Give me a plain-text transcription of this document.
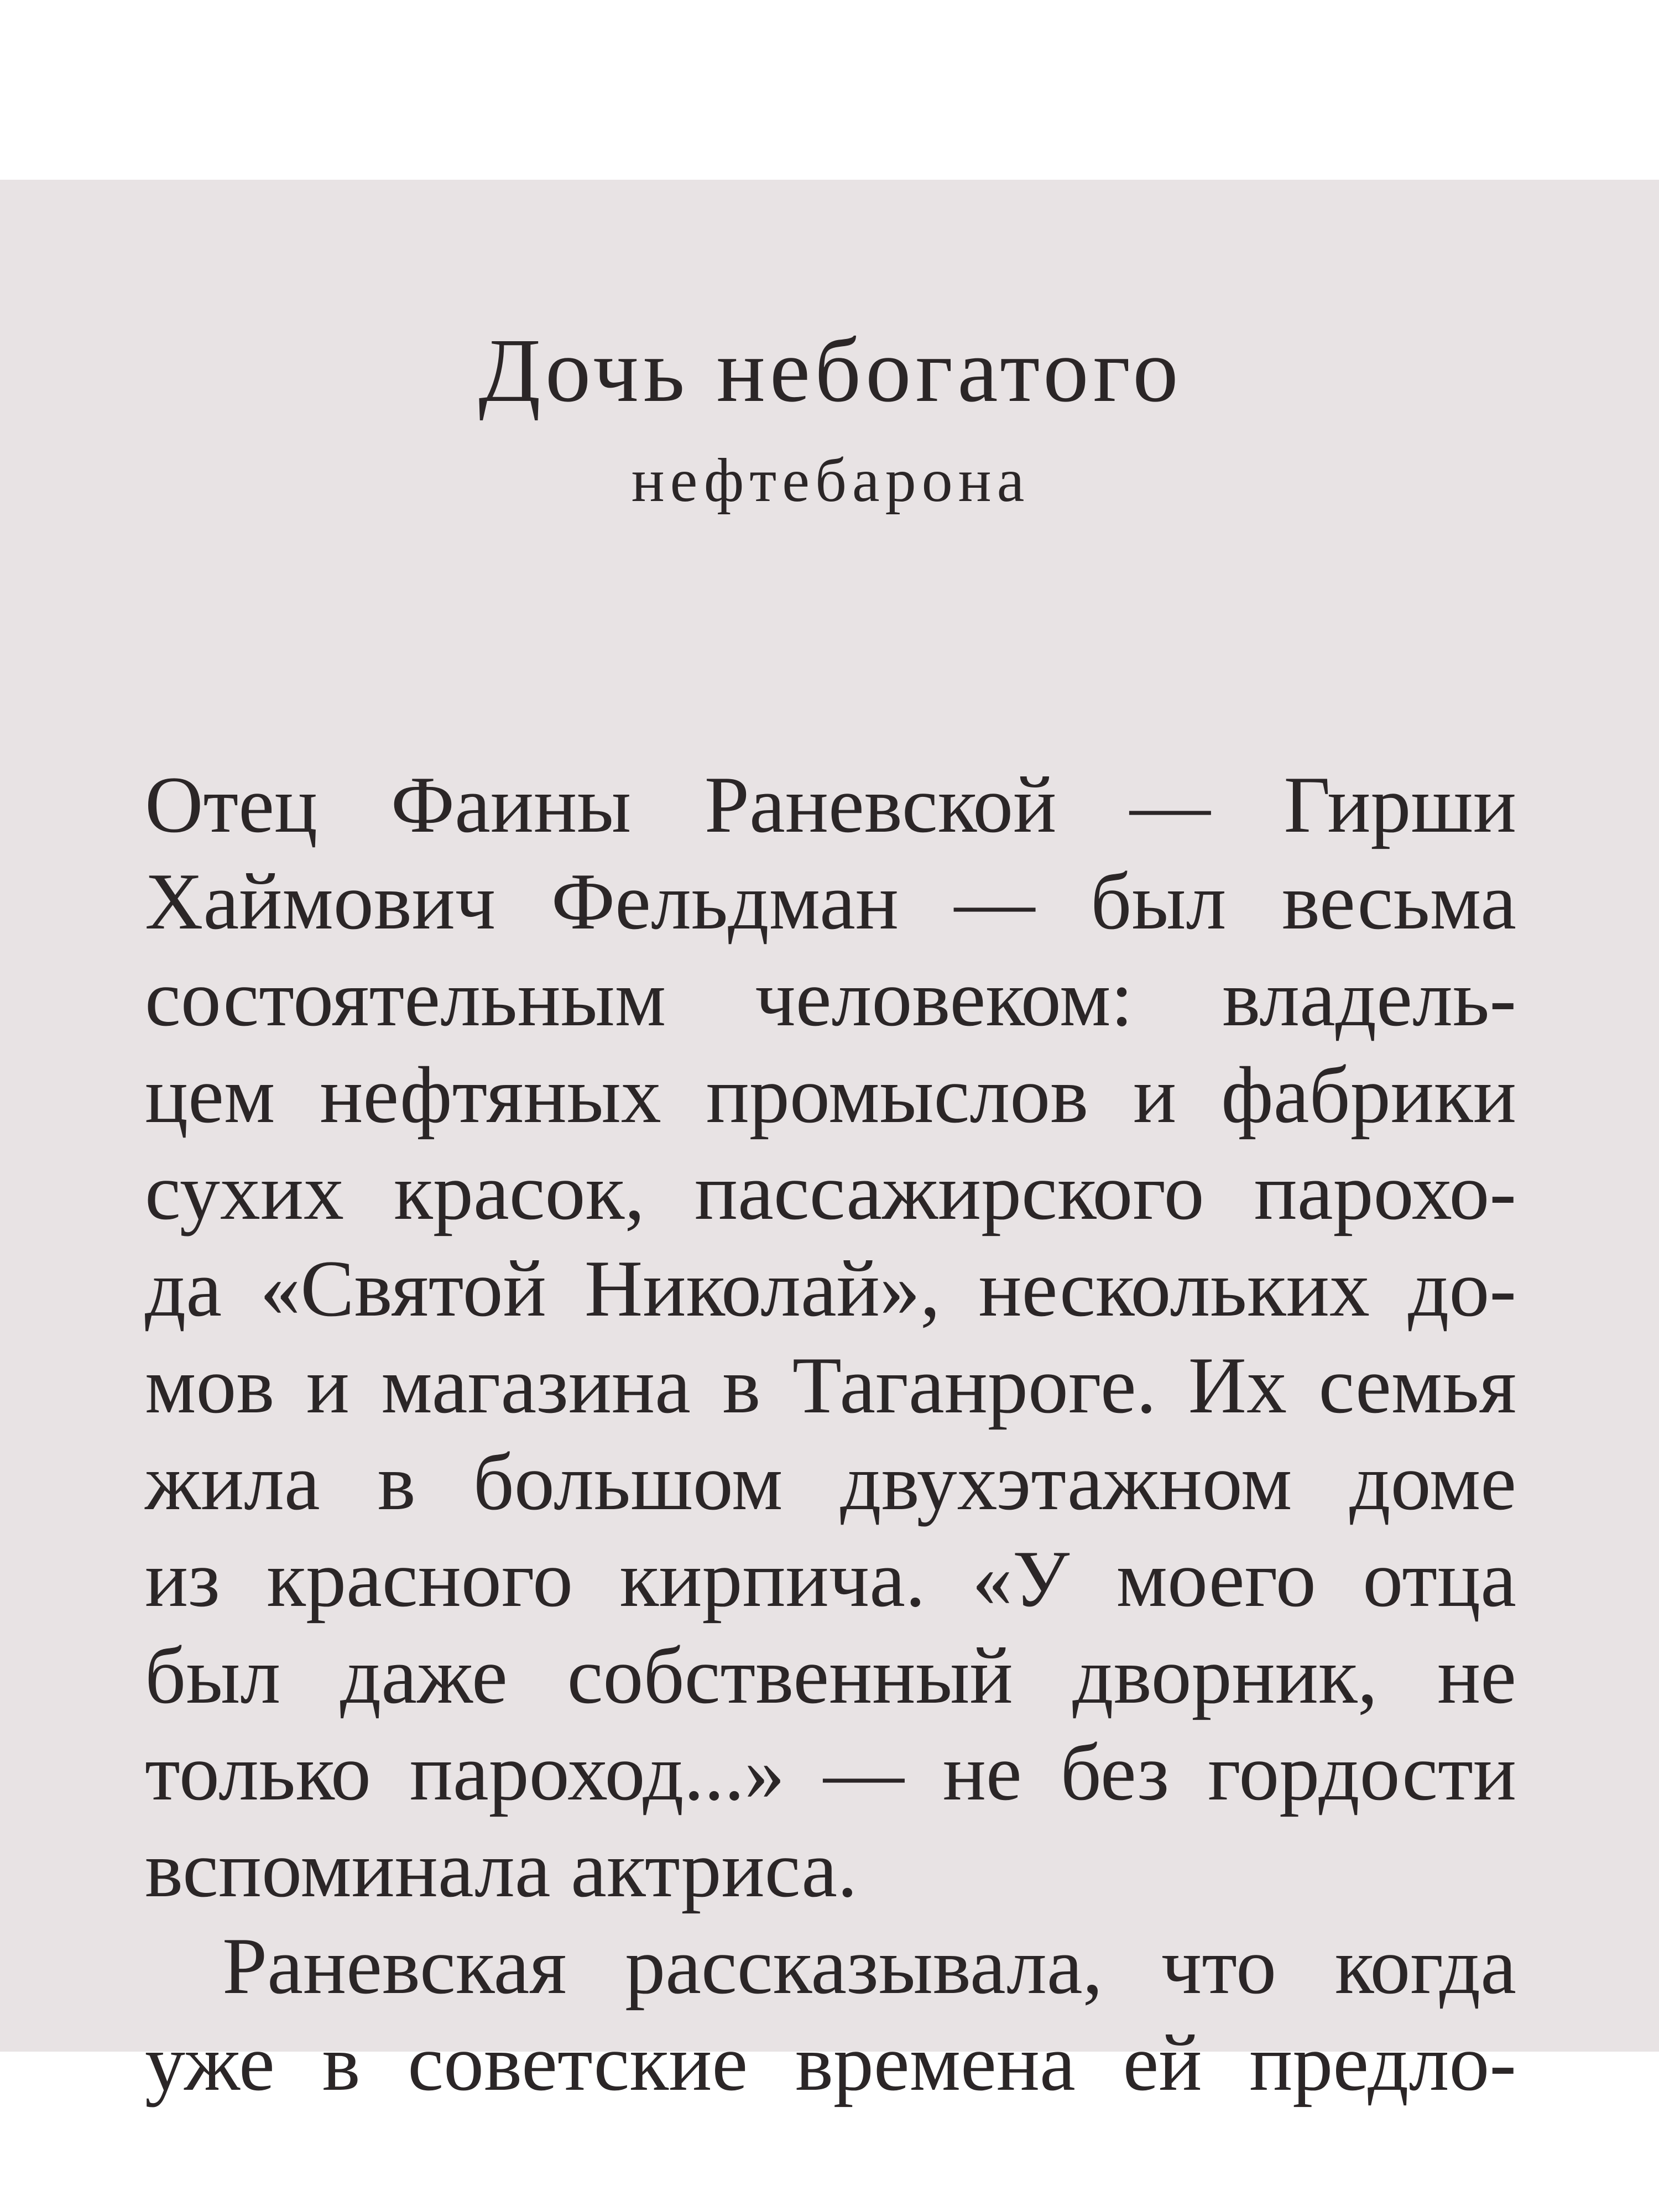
Дочь небогатого
нефтебарона
Отец Фаины Раневской — Гирши
Хаймович Фельдман — был весьма
состоятельным человеком: владель-
цем нефтяных промыслов и фабрики
сухих красок, пассажирского парохо-
да «Святой Николай», нескольких до-
мов и магазина в Таганроге. Их семья
жила в большом двухэтажном доме
из красного кирпича. «У моего отца
был даже собственный дворник, не
только пароход...» — не без гордости
вспоминала актриса.
Раневская рассказывала, что когда
уже в советские времена ей предло-
